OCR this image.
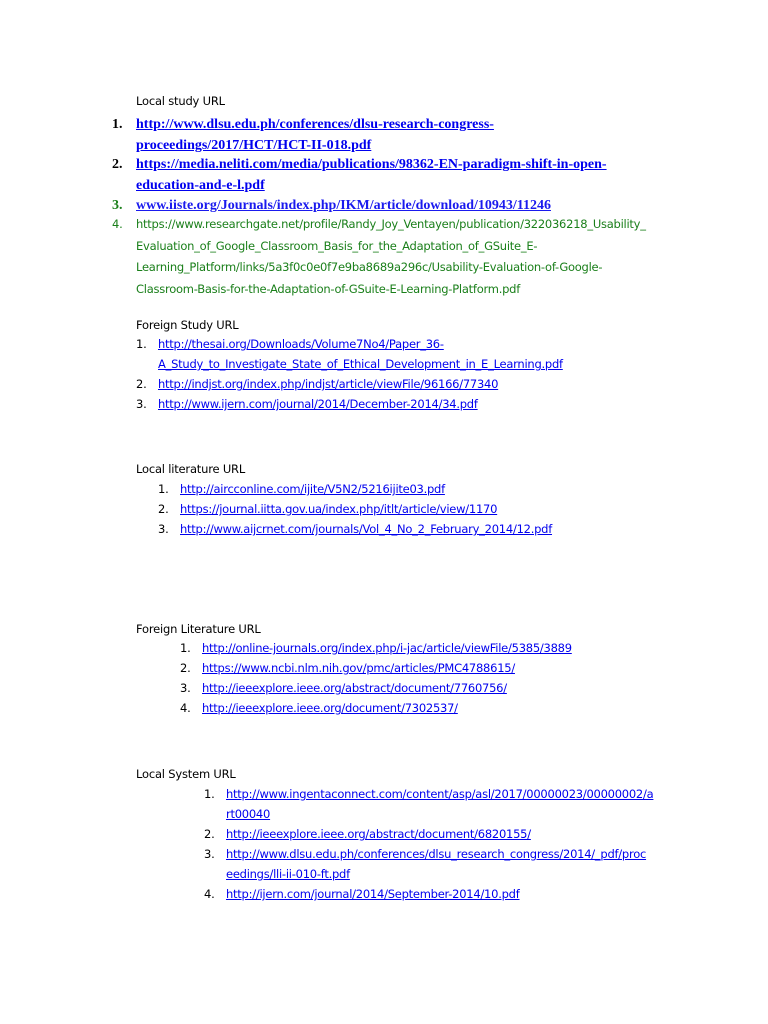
Local study URL
1. http://www.dlsu.edu.ph/conferences/dlsu-research-congress-
proceedings/2017/HCT/HCT-II-018.pdf
2. https://media.neliti.com/media/publications/98362-EN-paradigm-shift-in-open-
education-and-e-l.pdf
3. www.iiste.org/Journals/index.php/IKM/article/download/10943/11246
4. https://www.researchgate.net/profile/Randy_Joy_Ventayen/publication/322036218_Usability_
Evaluation_of_Google_Classroom_Basis_for_the_Adaptation_of_GSuite_E-
Learning_Platform/links/5a3f0c0e0f7e9ba8689a296c/Usability-Evaluation-of-Google-
Classroom-Basis-for-the-Adaptation-of-GSuite-E-Learning-Platform.pdf
Foreign Study URL
1. http://thesai.org/Downloads/Volume7No4/Paper_36-
A_Study_to_Investigate_State_of_Ethical_Development_in_E_Learning.pdf
2. http://indjst.org/index.php/indjst/article/viewFile/96166/77340
3. http://www.ijern.com/journal/2014/December-2014/34.pdf
Local literature URL
1. http://aircconline.com/ijite/V5N2/5216ijite03.pdf
2. https://journal.iitta.gov.ua/index.php/itlt/article/view/1170
3. http://www.aijcrnet.com/journals/Vol_4_No_2_February_2014/12.pdf
Foreign Literature URL
1. http://online-journals.org/index.php/i-jac/article/viewFile/5385/3889
2. https://www.ncbi.nlm.nih.gov/pmc/articles/PMC4788615/
3. http://ieeexplore.ieee.org/abstract/document/7760756/
4. http://ieeexplore.ieee.org/document/7302537/
Local System URL
1. http://www.ingentaconnect.com/content/asp/asl/2017/00000023/00000002/a
rt00040
2. http://ieeexplore.ieee.org/abstract/document/6820155/
3. http://www.dlsu.edu.ph/conferences/dlsu_research_congress/2014/_pdf/proc
eedings/lli-ii-010-ft.pdf
4. http://ijern.com/journal/2014/September-2014/10.pdf
